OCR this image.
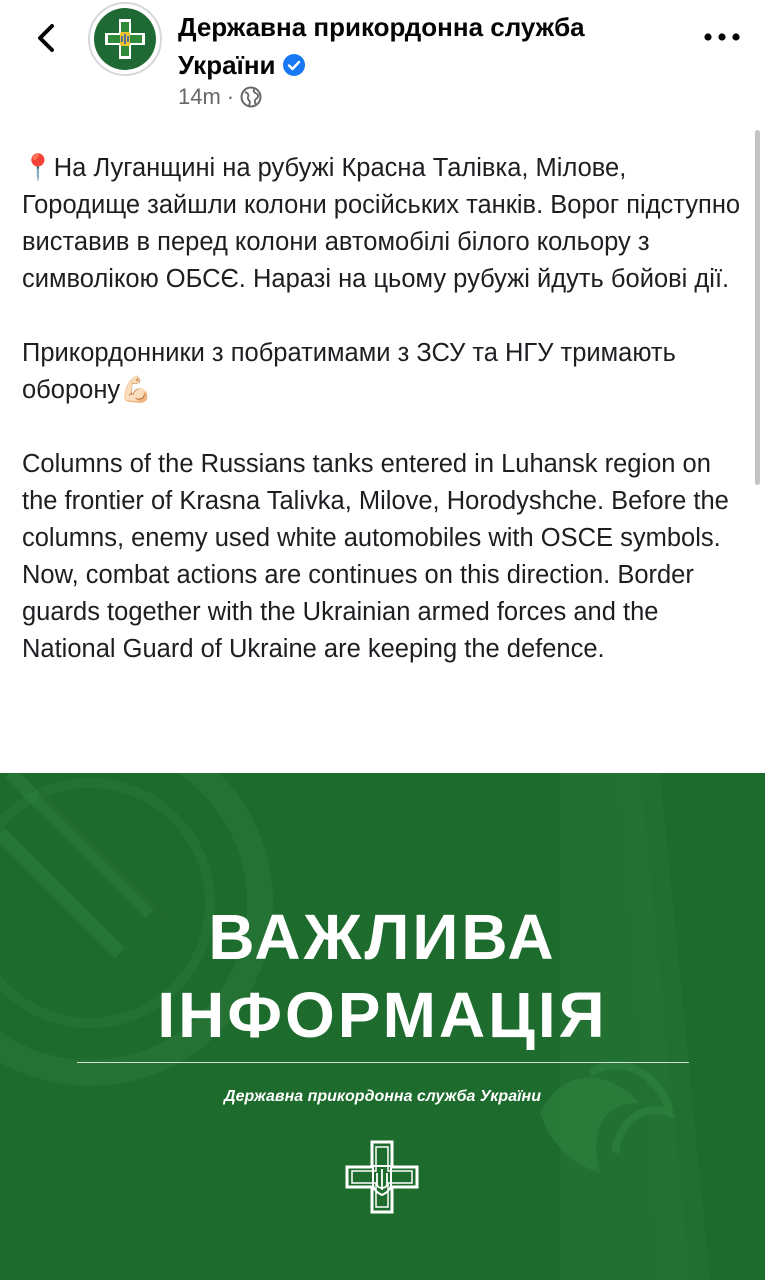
Державна прикордонна служба України
14m ·

📍На Луганщині на рубужі Красна Талівка, Мілове, Городище зайшли колони російських танків. Ворог підступно виставив в перед колони автомобілі білого кольору з символікою ОБСЄ. Наразі на цьому рубужі йдуть бойові дії.

Прикордонники з побратимами з ЗСУ та НГУ тримають оборону💪🏻

Columns of the Russians tanks entered in Luhansk region on the frontier of Krasna Talivka, Milove, Horodyshche. Before the columns, enemy used white automobiles with OSCE symbols. Now, combat actions are continues on this direction. Border guards together with the Ukrainian armed forces and the National Guard of Ukraine are keeping the defence.

ВАЖЛИВА
ІНФОРМАЦІЯ
Державна прикордонна служба України
